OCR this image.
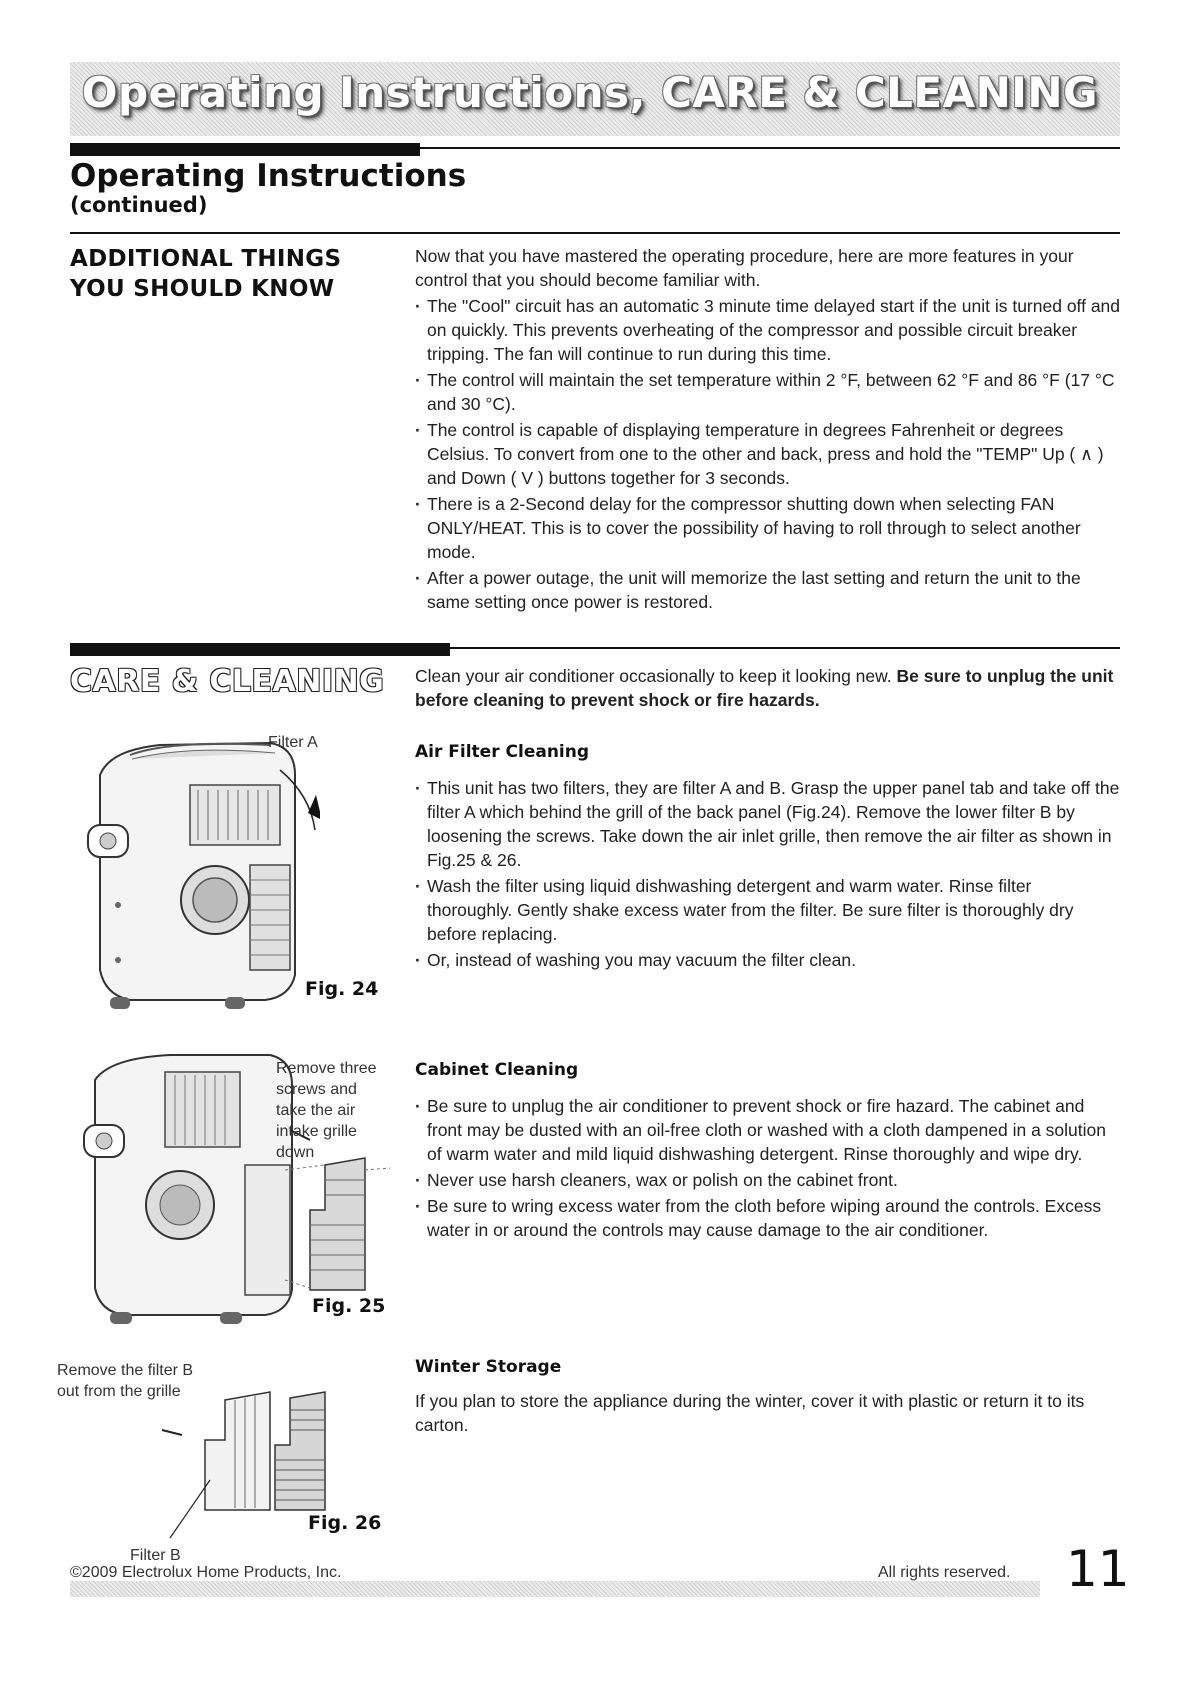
Operating Instructions, CARE & CLEANING
Operating Instructions
(continued)
ADDITIONAL THINGS
YOU SHOULD KNOW
Now that you have mastered the operating procedure, here are more features in your control that you should become familiar with.
· The "Cool" circuit has an automatic 3 minute time delayed start if the unit is turned off and on quickly. This prevents overheating of the compressor and possible circuit breaker tripping. The fan will continue to run during this time.
· The control will maintain the set temperature within 2 °F, between 62 °F and 86 °F (17 °C and 30 °C).
· The control is capable of displaying temperature in degrees Fahrenheit or degrees Celsius. To convert from one to the other and back, press and hold the "TEMP" Up ( ∧ ) and Down ( V ) buttons together for 3 seconds.
· There is a 2-Second delay for the compressor shutting down when selecting FAN ONLY/HEAT. This is to cover the possibility of having to roll through to select another mode.
· After a power outage, the unit will memorize the last setting and return the unit to the same setting once power is restored.
CARE & CLEANING Clean your air conditioner occasionally to keep it looking new. Be sure to unplug the unit before cleaning to prevent shock or fire hazards.
Air Filter Cleaning
· This unit has two filters, they are filter A and B. Grasp the upper panel tab and take off the filter A which behind the grill of the back panel (Fig.24). Remove the lower filter B by loosening the screws. Take down the air inlet grille, then remove the air filter as shown in Fig.25 & 26.
· Wash the filter using liquid dishwashing detergent and warm water. Rinse filter thoroughly. Gently shake excess water from the filter. Be sure filter is thoroughly dry before replacing.
· Or, instead of washing you may vacuum the filter clean.
Cabinet Cleaning
· Be sure to unplug the air conditioner to prevent shock or fire hazard. The cabinet and front may be dusted with an oil-free cloth or washed with a cloth dampened in a solution of warm water and mild liquid dishwashing detergent. Rinse thoroughly and wipe dry.
· Never use harsh cleaners, wax or polish on the cabinet front.
· Be sure to wring excess water from the cloth before wiping around the controls. Excess water in or around the controls may cause damage to the air conditioner.
Winter Storage
If you plan to store the appliance during the winter, cover it with plastic or return it to its carton.
Filter A
Fig. 24
Remove three
screws and
take the air
intake grille
down
Fig. 25
Remove the filter B
out from the grille
Fig. 26
Filter B
©2009 Electrolux Home Products, Inc.	All rights reserved. 11
